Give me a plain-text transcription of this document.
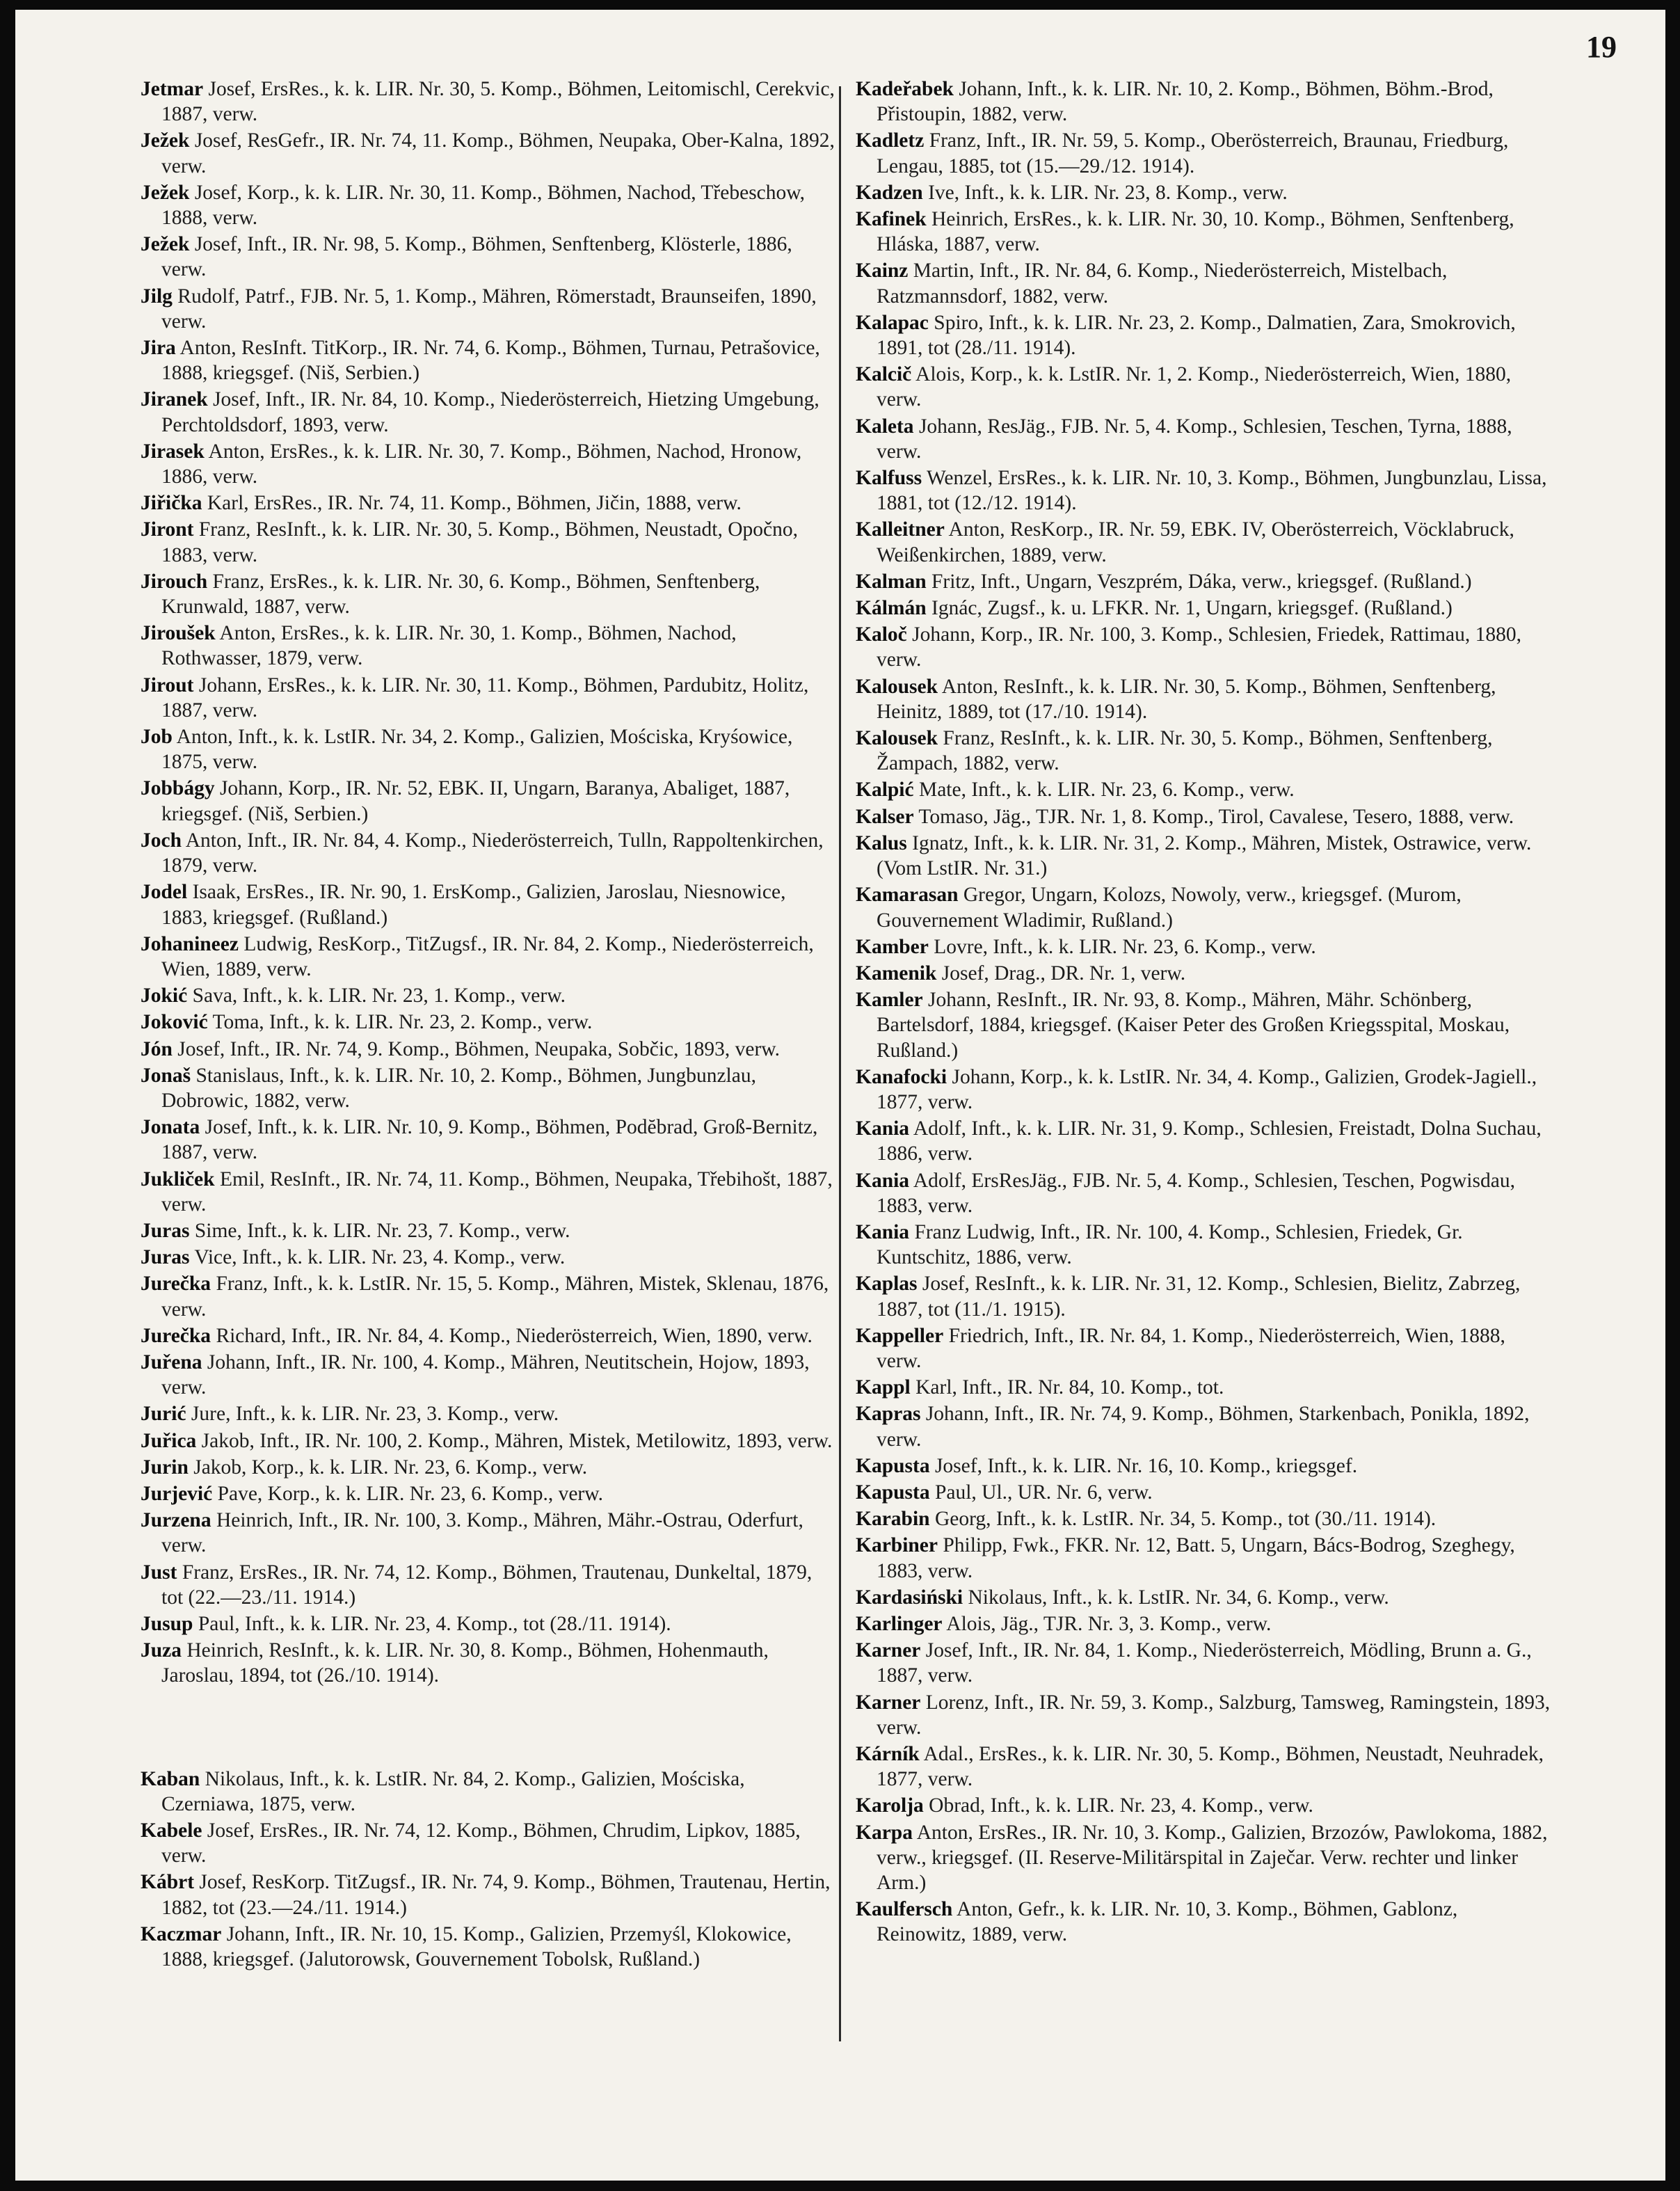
19

Jetmar Josef, ErsRes., k. k. LIR. Nr. 30, 5. Komp., Böhmen, Leitomischl, Cerekvic, 1887, verw.

Ježek Josef, ResGefr., IR. Nr. 74, 11. Komp., Böhmen, Neupaka, Ober-Kalna, 1892, verw.

Ježek Josef, Korp., k. k. LIR. Nr. 30, 11. Komp., Böhmen, Nachod, Třebeschow, 1888, verw.

Ježek Josef, Inft., IR. Nr. 98, 5. Komp., Böhmen, Senftenberg, Klösterle, 1886, verw.

Jilg Rudolf, Patrf., FJB. Nr. 5, 1. Komp., Mähren, Römerstadt, Braunseifen, 1890, verw.

Jira Anton, ResInft. TitKorp., IR. Nr. 74, 6. Komp., Böhmen, Turnau, Petrašovice, 1888, kriegsgef. (Niš, Serbien.)

Jiranek Josef, Inft., IR. Nr. 84, 10. Komp., Niederösterreich, Hietzing Umgebung, Perchtoldsdorf, 1893, verw.

Jirasek Anton, ErsRes., k. k. LIR. Nr. 30, 7. Komp., Böhmen, Nachod, Hronow, 1886, verw.

Jiřička Karl, ErsRes., IR. Nr. 74, 11. Komp., Böhmen, Jičin, 1888, verw.

Jiront Franz, ResInft., k. k. LIR. Nr. 30, 5. Komp., Böhmen, Neustadt, Opočno, 1883, verw.

Jirouch Franz, ErsRes., k. k. LIR. Nr. 30, 6. Komp., Böhmen, Senftenberg, Krunwald, 1887, verw.

Jiroušek Anton, ErsRes., k. k. LIR. Nr. 30, 1. Komp., Böhmen, Nachod, Rothwasser, 1879, verw.

Jirout Johann, ErsRes., k. k. LIR. Nr. 30, 11. Komp., Böhmen, Pardubitz, Holitz, 1887, verw.

Job Anton, Inft., k. k. LstIR. Nr. 34, 2. Komp., Galizien, Mościska, Kryśowice, 1875, verw.

Jobbágy Johann, Korp., IR. Nr. 52, EBK. II, Ungarn, Baranya, Abaliget, 1887, kriegsgef. (Niš, Serbien.)

Joch Anton, Inft., IR. Nr. 84, 4. Komp., Niederösterreich, Tulln, Rappoltenkirchen, 1879, verw.

Jodel Isaak, ErsRes., IR. Nr. 90, 1. ErsKomp., Galizien, Jaroslau, Niesnowice, 1883, kriegsgef. (Rußland.)

Johanineez Ludwig, ResKorp., TitZugsf., IR. Nr. 84, 2. Komp., Niederösterreich, Wien, 1889, verw.

Jokić Sava, Inft., k. k. LIR. Nr. 23, 1. Komp., verw.

Joković Toma, Inft., k. k. LIR. Nr. 23, 2. Komp., verw.

Jón Josef, Inft., IR. Nr. 74, 9. Komp., Böhmen, Neupaka, Sobčic, 1893, verw.

Jonaš Stanislaus, Inft., k. k. LIR. Nr. 10, 2. Komp., Böhmen, Jungbunzlau, Dobrowic, 1882, verw.

Jonata Josef, Inft., k. k. LIR. Nr. 10, 9. Komp., Böhmen, Podĕbrad, Groß-Bernitz, 1887, verw.

Jukliček Emil, ResInft., IR. Nr. 74, 11. Komp., Böhmen, Neupaka, Třebihošt, 1887, verw.

Juras Sime, Inft., k. k. LIR. Nr. 23, 7. Komp., verw.

Juras Vice, Inft., k. k. LIR. Nr. 23, 4. Komp., verw.

Jurečka Franz, Inft., k. k. LstIR. Nr. 15, 5. Komp., Mähren, Mistek, Sklenau, 1876, verw.

Jurečka Richard, Inft., IR. Nr. 84, 4. Komp., Niederösterreich, Wien, 1890, verw.

Juřena Johann, Inft., IR. Nr. 100, 4. Komp., Mähren, Neutitschein, Hojow, 1893, verw.

Jurić Jure, Inft., k. k. LIR. Nr. 23, 3. Komp., verw.

Juřica Jakob, Inft., IR. Nr. 100, 2. Komp., Mähren, Mistek, Metilowitz, 1893, verw.

Jurin Jakob, Korp., k. k. LIR. Nr. 23, 6. Komp., verw.

Jurjević Pave, Korp., k. k. LIR. Nr. 23, 6. Komp., verw.

Jurzena Heinrich, Inft., IR. Nr. 100, 3. Komp., Mähren, Mähr.-Ostrau, Oderfurt, verw.

Just Franz, ErsRes., IR. Nr. 74, 12. Komp., Böhmen, Trautenau, Dunkeltal, 1879, tot (22.—23./11. 1914.)

Jusup Paul, Inft., k. k. LIR. Nr. 23, 4. Komp., tot (28./11. 1914).

Juza Heinrich, ResInft., k. k. LIR. Nr. 30, 8. Komp., Böhmen, Hohenmauth, Jaroslau, 1894, tot (26./10. 1914).

Kaban Nikolaus, Inft., k. k. LstIR. Nr. 84, 2. Komp., Galizien, Mościska, Czerniawa, 1875, verw.

Kabele Josef, ErsRes., IR. Nr. 74, 12. Komp., Böhmen, Chrudim, Lipkov, 1885, verw.

Kábrt Josef, ResKorp. TitZugsf., IR. Nr. 74, 9. Komp., Böhmen, Trautenau, Hertin, 1882, tot (23.—24./11. 1914.)

Kaczmar Johann, Inft., IR. Nr. 10, 15. Komp., Galizien, Przemyśl, Klokowice, 1888, kriegsgef. (Jalutorowsk, Gouvernement Tobolsk, Rußland.)

Kadeřabek Johann, Inft., k. k. LIR. Nr. 10, 2. Komp., Böhmen, Böhm.-Brod, Přistoupin, 1882, verw.

Kadletz Franz, Inft., IR. Nr. 59, 5. Komp., Oberösterreich, Braunau, Friedburg, Lengau, 1885, tot (15.—29./12. 1914).

Kadzen Ive, Inft., k. k. LIR. Nr. 23, 8. Komp., verw.

Kafinek Heinrich, ErsRes., k. k. LIR. Nr. 30, 10. Komp., Böhmen, Senftenberg, Hláska, 1887, verw.

Kainz Martin, Inft., IR. Nr. 84, 6. Komp., Niederösterreich, Mistelbach, Ratzmannsdorf, 1882, verw.

Kalapac Spiro, Inft., k. k. LIR. Nr. 23, 2. Komp., Dalmatien, Zara, Smokrovich, 1891, tot (28./11. 1914).

Kalcič Alois, Korp., k. k. LstIR. Nr. 1, 2. Komp., Niederösterreich, Wien, 1880, verw.

Kaleta Johann, ResJäg., FJB. Nr. 5, 4. Komp., Schlesien, Teschen, Tyrna, 1888, verw.

Kalfuss Wenzel, ErsRes., k. k. LIR. Nr. 10, 3. Komp., Böhmen, Jungbunzlau, Lissa, 1881, tot (12./12. 1914).

Kalleitner Anton, ResKorp., IR. Nr. 59, EBK. IV, Oberösterreich, Vöcklabruck, Weißenkirchen, 1889, verw.

Kalman Fritz, Inft., Ungarn, Veszprém, Dáka, verw., kriegsgef. (Rußland.)

Kálmán Ignác, Zugsf., k. u. LFKR. Nr. 1, Ungarn, kriegsgef. (Rußland.)

Kaloč Johann, Korp., IR. Nr. 100, 3. Komp., Schlesien, Friedek, Rattimau, 1880, verw.

Kalousek Anton, ResInft., k. k. LIR. Nr. 30, 5. Komp., Böhmen, Senftenberg, Heinitz, 1889, tot (17./10. 1914).

Kalousek Franz, ResInft., k. k. LIR. Nr. 30, 5. Komp., Böhmen, Senftenberg, Žampach, 1882, verw.

Kalpić Mate, Inft., k. k. LIR. Nr. 23, 6. Komp., verw.

Kalser Tomaso, Jäg., TJR. Nr. 1, 8. Komp., Tirol, Cavalese, Tesero, 1888, verw.

Kalus Ignatz, Inft., k. k. LIR. Nr. 31, 2. Komp., Mähren, Mistek, Ostrawice, verw. (Vom LstIR. Nr. 31.)

Kamarasan Gregor, Ungarn, Kolozs, Nowoly, verw., kriegsgef. (Murom, Gouvernement Wladimir, Rußland.)

Kamber Lovre, Inft., k. k. LIR. Nr. 23, 6. Komp., verw.

Kamenik Josef, Drag., DR. Nr. 1, verw.

Kamler Johann, ResInft., IR. Nr. 93, 8. Komp., Mähren, Mähr. Schönberg, Bartelsdorf, 1884, kriegsgef. (Kaiser Peter des Großen Kriegsspital, Moskau, Rußland.)

Kanafocki Johann, Korp., k. k. LstIR. Nr. 34, 4. Komp., Galizien, Grodek-Jagiell., 1877, verw.

Kania Adolf, Inft., k. k. LIR. Nr. 31, 9. Komp., Schlesien, Freistadt, Dolna Suchau, 1886, verw.

Kania Adolf, ErsResJäg., FJB. Nr. 5, 4. Komp., Schlesien, Teschen, Pogwisdau, 1883, verw.

Kania Franz Ludwig, Inft., IR. Nr. 100, 4. Komp., Schlesien, Friedek, Gr. Kuntschitz, 1886, verw.

Kaplas Josef, ResInft., k. k. LIR. Nr. 31, 12. Komp., Schlesien, Bielitz, Zabrzeg, 1887, tot (11./1. 1915).

Kappeller Friedrich, Inft., IR. Nr. 84, 1. Komp., Niederösterreich, Wien, 1888, verw.

Kappl Karl, Inft., IR. Nr. 84, 10. Komp., tot.

Kapras Johann, Inft., IR. Nr. 74, 9. Komp., Böhmen, Starkenbach, Ponikla, 1892, verw.

Kapusta Josef, Inft., k. k. LIR. Nr. 16, 10. Komp., kriegsgef.

Kapusta Paul, Ul., UR. Nr. 6, verw.

Karabin Georg, Inft., k. k. LstIR. Nr. 34, 5. Komp., tot (30./11. 1914).

Karbiner Philipp, Fwk., FKR. Nr. 12, Batt. 5, Ungarn, Bács-Bodrog, Szeghegy, 1883, verw.

Kardasiński Nikolaus, Inft., k. k. LstIR. Nr. 34, 6. Komp., verw.

Karlinger Alois, Jäg., TJR. Nr. 3, 3. Komp., verw.

Karner Josef, Inft., IR. Nr. 84, 1. Komp., Niederösterreich, Mödling, Brunn a. G., 1887, verw.

Karner Lorenz, Inft., IR. Nr. 59, 3. Komp., Salzburg, Tamsweg, Ramingstein, 1893, verw.

Kárník Adal., ErsRes., k. k. LIR. Nr. 30, 5. Komp., Böhmen, Neustadt, Neuhradek, 1877, verw.

Karolja Obrad, Inft., k. k. LIR. Nr. 23, 4. Komp., verw.

Karpa Anton, ErsRes., IR. Nr. 10, 3. Komp., Galizien, Brzozów, Pawlokoma, 1882, verw., kriegsgef. (II. Reserve-Militärspital in Zaječar. Verw. rechter und linker Arm.)

Kaulfersch Anton, Gefr., k. k. LIR. Nr. 10, 3. Komp., Böhmen, Gablonz, Reinowitz, 1889, verw.
